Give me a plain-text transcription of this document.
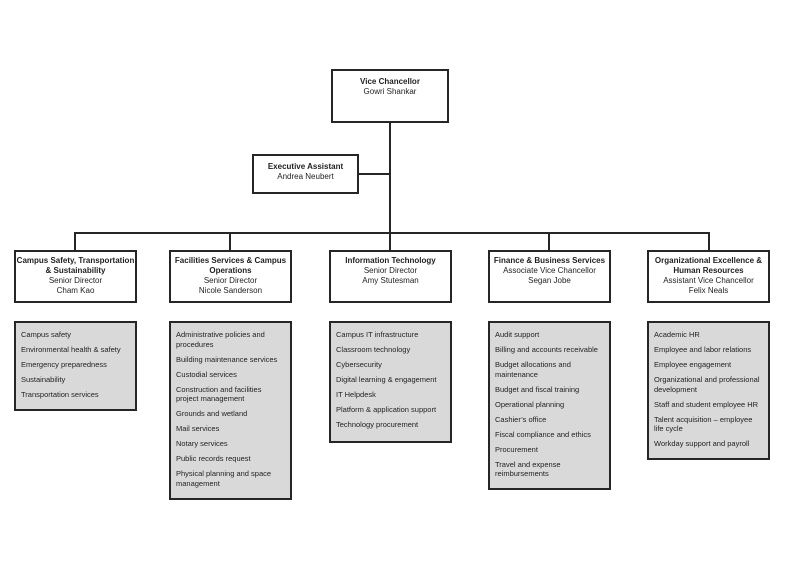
Vice Chancellor
Gowri Shankar
Executive Assistant
Andrea Neubert
Campus Safety, Transportation & Sustainability
Senior Director
Cham Kao
Facilities Services & Campus Operations
Senior Director
Nicole Sanderson
Information Technology
Senior Director
Amy Stutesman
Finance & Business Services
Associate Vice Chancellor
Segan Jobe
Organizational Excellence & Human Resources
Assistant Vice Chancellor
Felix Neals
Campus safety
Environmental health & safety
Emergency preparedness
Sustainability
Transportation services
Administrative policies and procedures
Building maintenance services
Custodial services
Construction and facilities project management
Grounds and wetland
Mail services
Notary services
Public records request
Physical planning and space management
Campus IT infrastructure
Classroom technology
Cybersecurity
Digital learning & engagement
IT Helpdesk
Platform & application support
Technology procurement
Audit support
Billing and accounts receivable
Budget allocations and maintenance
Budget and fiscal training
Operational planning
Cashier’s office
Fiscal compliance and ethics
Procurement
Travel and expense reimbursements
Academic HR
Employee and labor relations
Employee engagement
Organizational and professional development
Staff and student employee HR
Talent acquisition – employee life cycle
Workday support and payroll
